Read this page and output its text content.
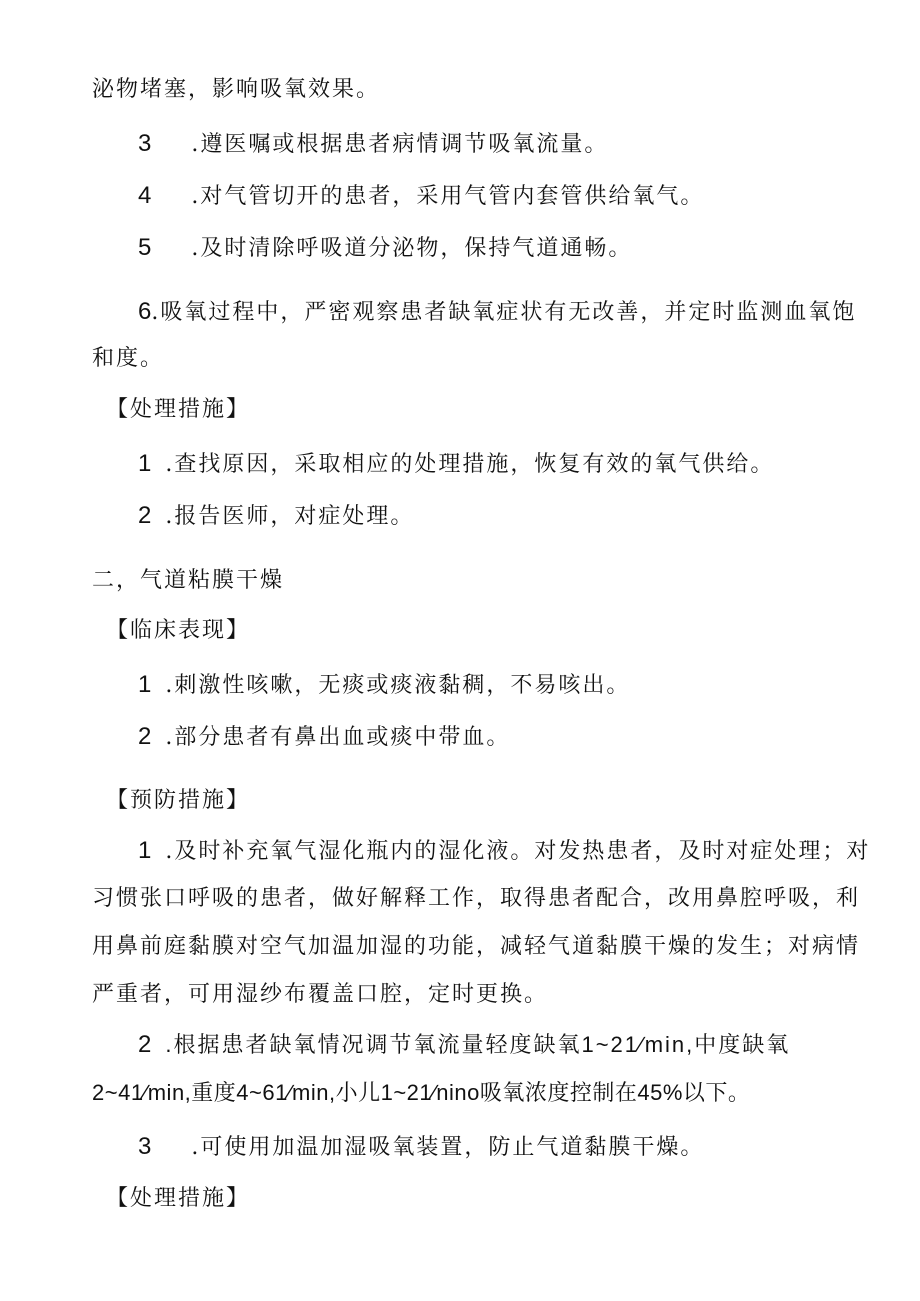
泌物堵塞，影响吸氧效果。
3 .遵医嘱或根据患者病情调节吸氧流量。
4 .对气管切开的患者，采用气管内套管供给氧气。
5 .及时清除呼吸道分泌物，保持气道通畅。
6.吸氧过程中，严密观察患者缺氧症状有无改善，并定时监测血氧饱
和度。
【处理措施】
1 .查找原因，采取相应的处理措施，恢复有效的氧气供给。
2 .报告医师，对症处理。
二，气道粘膜干燥
【临床表现】
1 .刺激性咳嗽，无痰或痰液黏稠，不易咳出。
2 .部分患者有鼻出血或痰中带血。
【预防措施】
1 .及时补充氧气湿化瓶内的湿化液。对发热患者，及时对症处理；对
习惯张口呼吸的患者，做好解释工作，取得患者配合，改用鼻腔呼吸，利
用鼻前庭黏膜对空气加温加湿的功能，减轻气道黏膜干燥的发生；对病情
严重者，可用湿纱布覆盖口腔，定时更换。
2 .根据患者缺氧情况调节氧流量轻度缺氧1~21∕min,中度缺氧
2~41∕min,重度4~61∕min,小儿1~21∕nino吸氧浓度控制在45%以下。
3 .可使用加温加湿吸氧装置，防止气道黏膜干燥。
【处理措施】
